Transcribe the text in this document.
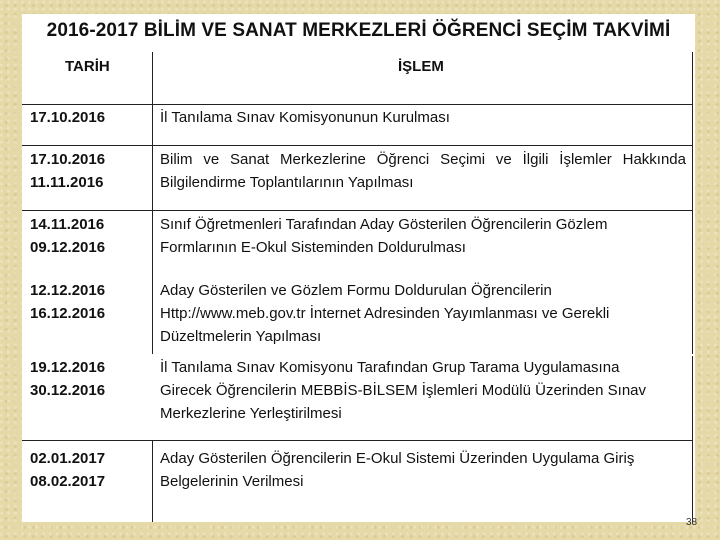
2016-2017 BİLİM VE SANAT MERKEZLERİ ÖĞRENCİ SEÇİM TAKVİMİ
TARİH	İŞLEM
17.10.2016	İl Tanılama Sınav Komisyonunun Kurulması
17.10.2016
11.11.2016
Bilim ve Sanat Merkezlerine Öğrenci Seçimi ve İlgili İşlemler Hakkında
Bilgilendirme Toplantılarının Yapılması
14.11.2016
09.12.2016
Sınıf Öğretmenleri Tarafından Aday Gösterilen Öğrencilerin Gözlem
Formlarının E-Okul Sisteminden Doldurulması
12.12.2016
16.12.2016
Aday Gösterilen ve Gözlem Formu Doldurulan Öğrencilerin
Http://www.meb.gov.tr İnternet Adresinden Yayımlanması ve Gerekli
Düzeltmelerin Yapılması
19.12.2016
30.12.2016
İl Tanılama Sınav Komisyonu Tarafından Grup Tarama Uygulamasına
Girecek Öğrencilerin MEBBİS-BİLSEM İşlemleri Modülü Üzerinden Sınav
Merkezlerine Yerleştirilmesi
02.01.2017
08.02.2017
Aday Gösterilen Öğrencilerin E-Okul Sistemi Üzerinden Uygulama Giriş
Belgelerinin Verilmesi
38
